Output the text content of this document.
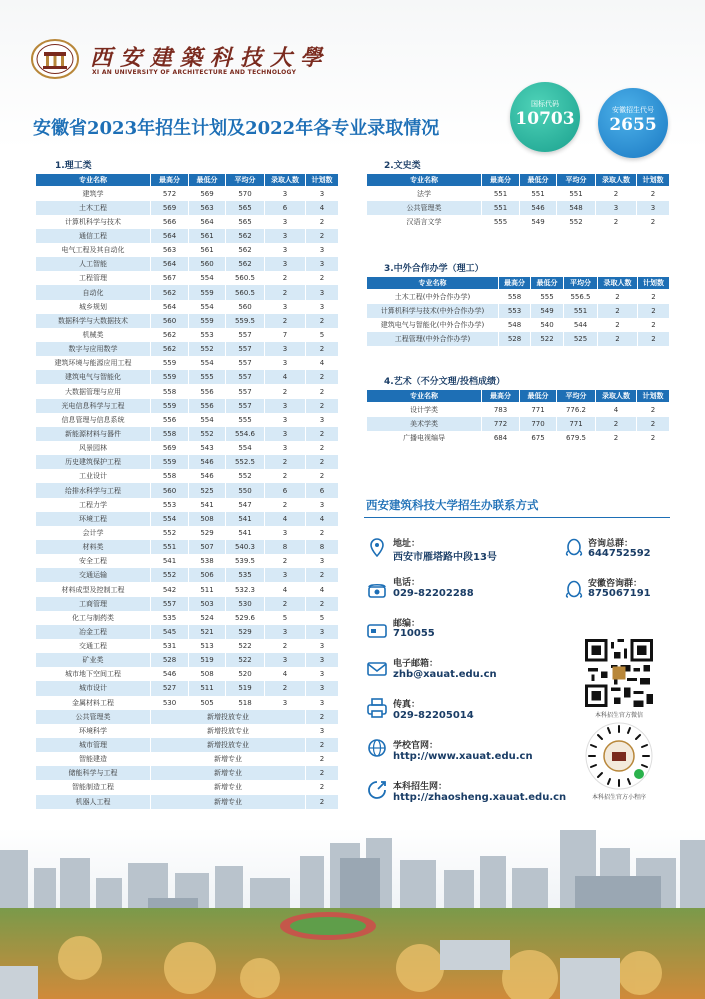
西安建築科技大學
XI AN UNIVERSITY OF ARCHITECTURE AND TECHNOLOGY
安徽省2023年招生计划及2022年各专业录取情况
国标代码
10703	安徽招生代号
2655
1.理工类
专业名称	最高分	最低分	平均分	录取人数	计划数
建筑学	572	569	570	3	3
土木工程	569	563	565	6	4
计算机科学与技术	566	564	565	3	2
通信工程	564	561	562	3	2
电气工程及其自动化	563	561	562	3	3
人工智能	564	560	562	3	3
工程管理	567	554	560.5	2	2
自动化	562	559	560.5	2	3
城乡规划	564	554	560	3	3
数据科学与大数据技术	560	559	559.5	2	2
机械类	562	553	557	7	5
数字与应用数学	562	552	557	3	2
建筑环境与能源应用工程	559	554	557	3	4
建筑电气与智能化	559	555	557	4	2
大数据管理与应用	558	556	557	2	2
光电信息科学与工程	559	556	557	3	2
信息管理与信息系统	556	554	555	3	3
新能源材料与器件	558	552	554.6	3	2
风景园林	569	543	554	3	2
历史建筑保护工程	559	546	552.5	2	2
工业设计	558	546	552	2	2
给排水科学与工程	560	525	550	6	6
工程力学	553	541	547	2	3
环境工程	554	508	541	4	4
会计学	552	529	541	3	2
材料类	551	507	540.3	8	8
安全工程	541	538	539.5	2	3
交通运输	552	506	535	3	2
材料成型及控制工程	542	511	532.3	4	4
工商管理	557	503	530	2	2
化工与制药类	535	524	529.6	5	5
冶金工程	545	521	529	3	3
交通工程	531	513	522	2	3
矿业类	528	519	522	3	3
城市地下空间工程	546	508	520	4	3
城市设计	527	511	519	2	3
金属材料工程	530	505	518	3	3
公共管理类	新增投放专业				2
环境科学	新增投放专业				3
城市管理	新增投放专业				2
智能建造	新增专业				2
储能科学与工程	新增专业				2
智能制造工程	新增专业				2
机器人工程	新增专业				2
2.文史类
专业名称	最高分	最低分	平均分	录取人数	计划数
法学	551	551	551	2	2
公共管理类	551	546	548	3	3
汉语言文学	555	549	552	2	2
3.中外合作办学（理工）
专业名称	最高分	最低分	平均分	录取人数	计划数
土木工程(中外合作办学)	558	555	556.5	2	2
计算机科学与技术(中外合作办学)	553	549	551	2	2
建筑电气与智能化(中外合作办学)	548	540	544	2	2
工程管理(中外合作办学)	528	522	525	2	2
4.艺术（不分文理/投档成绩）
专业名称	最高分	最低分	平均分	录取人数	计划数
设计学类	783	771	776.2	4	2
美术学类	772	770	771	2	2
广播电视编导	684	675	679.5	2	2
西安建筑科技大学招生办联系方式
地址：
西安市雁塔路中段13号
电话：
029-82202288
邮编：
710055
电子邮箱：
zhb@xauat.edu.cn
传真：
029-82205014
学校官网：
http://www.xauat.edu.cn
本科招生网：
http://zhaosheng.xauat.edu.cn
咨询总群：
644752592
安徽咨询群：
875067191
本科招生官方微信
本科招生官方小程序
